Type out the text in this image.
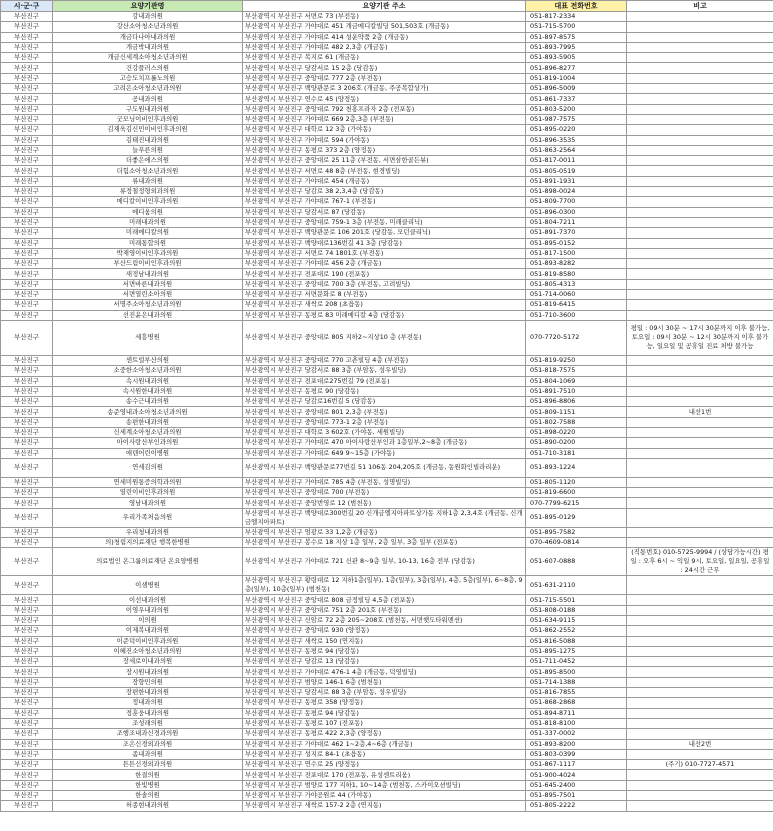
시·군·구	요양기관명	요양기관 주소	대표 전화번호	비고
부산진구	강내과의원	부산광역시 부산진구 서면로 73 (부전동)	051-817-2334	
부산진구	강산소아청소년과의원	부산광역시 부산진구 가야대로 451 개금메디칼빌딩 501,503호 (개금동)	051-715-5700	
부산진구	개금다나아내과의원	부산광역시 부산진구 가야대로 414 성운약품 2층 (개금동)	051-897-8575	
부산진구	개금박내과의원	부산광역시 부산진구 가야대로 482 2,3층 (개금동)	051-893-7995	
부산진구	개금신세계소아청소년과의원	부산광역시 부산진구 복지로 61 (개금동)	051-893-5905	
부산진구	건강플러스의원	부산광역시 부산진구 당감서로 15 2층 (당감동)	051-896-8277	
부산진구	고승도치프롤노의원	부산광역시 부산진구 중앙대로 777 2층 (부전동)	051-819-1004	
부산진구	고려은소아청소년과의원	부산광역시 부산진구 백양관문로 3 206호 (개금동, 주공복합상가)	051-896-5009	
부산진구	공내과의원	부산광역시 부산진구 연수로 45 (양정동)	051-861-7337	
부산진구	구도원내과의원	부산광역시 부산진구 중앙대로 792 천홍프라자 2층 (전포동)	051-803-5200	
부산진구	굿모닝이비인후과의원	부산광역시 부산진구 가야대로 669 2층,3층 (부전동)	051-987-7575	
부산진구	김재욱김신민이비인후과의원	부산광역시 부산진구 대학로 12 3층 (가야동)	051-895-0220	
부산진구	김태진내과의원	부산광역시 부산진구 가야대로 594 (가야동)	051-896-3535	
부산진구	늘푸른의원	부산광역시 부산진구 동평로 373 2층 (양정동)	051-863-2564	
부산진구	더좋은에스의원	부산광역시 부산진구 중앙대로 25 11층 (부전동, 서면삼한골든뷰)	051-817-0011	
부산진구	더힘소아청소년과의원	부산광역시 부산진구 서면로 48 8층 (부전동, 현경빌딩)	051-805-0519	
부산진구	류내과의원	부산광역시 부산진구 가야대로 454 (개금동)	051-891-1931	
부산진구	류정철정형외과의원	부산광역시 부산진구 당감로 38 2,3,4층 (당감동)	051-898-0024	
부산진구	메디칼이비인후과의원	부산광역시 부산진구 가야대로 767-1 (부전동)	051-809-7700	
부산진구	메디움의원	부산광역시 부산진구 당감서로 87 (당감동)	051-896-0300	
부산진구	미래내과의원	부산광역시 부산진구 중앙대로 759-1 3층 (부전동, 미래클리닉)	051-804-7211	
부산진구	미래메디칼의원	부산광역시 부산진구 백양관문로 106 201호 (당감동, 모던클리닉)	051-891-7370	
부산진구	미래통합의원	부산광역시 부산진구 백양대로136번길 41 3층 (당감동)	051-895-0152	
부산진구	박재영이비인후과의원	부산광역시 부산진구 서면로 74 1801호 (부전동)	051-817-1500	
부산진구	부산드림이비인후과의원	부산광역시 부산진구 가야대로 456 2층 (개금동)	051-893-8282	
부산진구	새정남내과의원	부산광역시 부산진구 전포대로 190 (전포동)	051-819-8580	
부산진구	서면바른내과의원	부산광역시 부산진구 중앙대로 700 3층 (부전동, 고려빌딩)	051-805-4313	
부산진구	서면열린소아의원	부산광역시 부산진구 서면문화로 8 (부전동)	051-714-0060	
부산진구	서명주소아청소년과의원	부산광역시 부산진구 새싹로 208 (초읍동)	051-819-6415	
부산진구	선진윤은내과의원	부산광역시 부산진구 동평로 83 미래메디칼 4층 (당감동)	051-710-3600	
부산진구	세흥병원	부산광역시 부산진구 중앙대로 805 지하2~지상10 층 (부전동)	070-7720-5172	평일 : 09시 30분 ~ 17시 30분까지 이후 불가능, 토요일 : 09시 30분 ~ 12시 30분까지 이후 불가능, 일요일 및 공휴일 진료 처방 불가능
부산진구	센트럴부산의원	부산광역시 부산진구 중앙대로 770 고촌빌딩 4층 (부전동)	051-819-9250	
부산진구	소중한소아청소년과의원	부산광역시 부산진구 당감서로 88 3층 (부암동, 성우빌딩)	051-818-7575	
부산진구	속시원내과의원	부산광역시 부산진구 전포대로275번길 79 (전포동)	051-804-1069	
부산진구	속시원한내과의원	부산광역시 부산진구 동평로 90 (당감동)	051-891-7510	
부산진구	송수근내과의원	부산광역시 부산진구 당감로16번길 5 (당감동)	051-896-8806	
부산진구	송준영내과소아청소년과의원	부산광역시 부산진구 중앙대로 801 2,3층 (부전동)	051-809-1151	내선1번
부산진구	송편한내과의원	부산광역시 부산진구 중앙대로 773-1 2층 (부전동)	051-802-7588	
부산진구	신세계소아청소년과의원	부산광역시 부산진구 대학로 3 602호 (가야동, 세원빌딩)	051-898-0220	
부산진구	아이사랑산부인과의원	부산광역시 부산진구 가야대로 470 아이사랑산부인과 1층일부,2~8층 (개금동)	051-890-0200	
부산진구	애덴어린이병원	부산광역시 부산진구 가야대로 649 9~15층 (가야동)	051-710-3181	
부산진구	연세김의원	부산광역시 부산진구 백양관문로77번길 51 106동 204,205호 (개금동, 동원화인빌라리운)	051-893-1224	
부산진구	연세미원통증의학과의원	부산광역시 부산진구 가야대로 785 4층 (부전동, 성명빌딩)	051-805-1120	
부산진구	열린이비인후과의원	부산광역시 부산진구 중앙대로 700 (부전동)	051-819-6600	
부산진구	영남내과의원	부산광역시 부산진구 중앙번영로 12 (범천동)	070-7799-6215	
부산진구	우리가족처음의원	부산광역시 부산진구 백양대로300번길 20 신개금엘지아파트상가동 지하1층 2,3,4호 (개금동, 신개금엘지아파트)	051-895-0129	
부산진구	우리청내과의원	부산광역시 부산진구 엄광로 33 1,2층 (개금동)	051-895-7582	
부산진구	의)청림지의료재단 행복한병원	부산광역시 부산진구 봉수로 18 지상 1층 일부, 2층 일부, 3층 일부 (전포동)	070-4609-0814	
부산진구	의료법인 온그룹의료재단 온요양병원	부산광역시 부산진구 가야대로 721 신관 8~9층 일부, 10-13, 16층 전부 (당감동)	051-607-0888	(직통번호) 010-5725-9994 / (상담가능시간) 평일 : 오후 6시 ~ 익일 9시, 토요일, 일요일, 공휴일 : 24시간 근무
부산진구	이샘병원	부산광역시 부산진구 황령대로 12 지하1층(일부), 1층(일부), 3층(일부), 4층, 5층(일부), 6~8층, 9층(일부), 10층(일부) (범천동)	051-631-2110	
부산진구	이선내과의원	부산광역시 부산진구 중앙대로 808 금정빌딩 4,5층 (전포동)	051-715-5501	
부산진구	이영우내과의원	부산광역시 부산진구 중앙대로 751 2층 201호 (부전동)	051-808-0188	
부산진구	이의원	부산광역시 부산진구 신암로 72 2층 205~208호 (범천동, 서면햇도타워맨션)	051-634-9115	
부산진구	이제복내과의원	부산광역시 부산진구 중앙대로 930 (양정동)	051-862-2552	
부산진구	이준덕이비인후과의원	부산광역시 부산진구 새싹로 150 (연지동)	051-816-5088	
부산진구	이혜진소아청소년과의원	부산광역시 부산진구 동평로 94 (당감동)	051-895-1275	
부산진구	장세로이내과의원	부산광역시 부산진구 당감로 13 (당감동)	051-711-0452	
부산진구	장시원내과의원	부산광역시 부산진구 가야대로 476-1 4층 (개금동, 덕영빌딩)	051-895-8500	
부산진구	장향민의원	부산광역시 부산진구 범양로 146-1 6층 (범천동)	051-714-1388	
부산진구	장편한내과의원	부산광역시 부산진구 당감서로 88 3층 (부암동, 성우빌딩)	051-816-7855	
부산진구	정내과의원	부산광역시 부산진구 동평로 358 (양정동)	051-868-2868	
부산진구	정훈웅내과의원	부산광역시 부산진구 동평로 94 (당감동)	051-894-8711	
부산진구	조성래의원	부산광역시 부산진구 동평로 107 (전포동)	051-818-8100	
부산진구	조행조내과신경과의원	부산광역시 부산진구 동평로 422 2,3층 (양정동)	051-337-0002	
부산진구	조은신경외과의원	부산광역시 부산진구 가야대로 462 1~2층,4~6층 (개금동)	051-893-8200	내선2번
부산진구	좀내과의원	부산광역시 부산진구 성지로 84-1 (초읍동)	051-803-0399	
부산진구	튼튼신경외과의원	부산광역시 부산진구 연수로 25 (양정동)	051-867-1117	(주기) 010-7727-4571
부산진구	한결의원	부산광역시 부산진구 전포대로 170 (전포동, 유성센트리움)	051-900-4024	
부산진구	한빛병원	부산광역시 부산진구 범양로 177 지하1, 10~14층 (범천동, 스카이오션빌딩)	051-645-2400	
부산진구	한솔의원	부산광역시 부산진구 가야공원로 44 (가야동)	051-895-7501	
부산진구	허종현내과의원	부산광역시 부산진구 새싹로 157-2 2층 (연지동)	051-805-2222	
